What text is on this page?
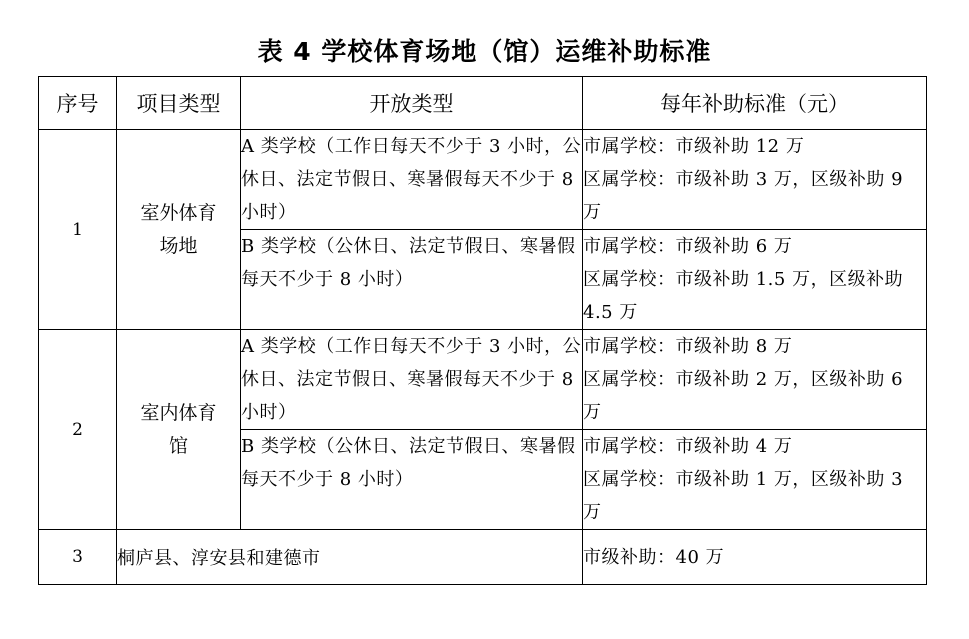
表 4 学校体育场地（馆）运维补助标准
序号	项目类型	开放类型	每年补助标准（元）
1	室外体育场地	A 类学校（工作日每天不少于 3 小时，公休日、法定节假日、寒暑假每天不少于 8 小时）	市属学校：市级补助 12 万
区属学校：市级补助 3 万，区级补助 9 万

		B 类学校（公休日、法定节假日、寒暑假每天不少于 8 小时）	市属学校：市级补助 6 万
区属学校：市级补助 1.5 万，区级补助 4.5 万

2	室内体育馆	A 类学校（工作日每天不少于 3 小时，公休日、法定节假日、寒暑假每天不少于 8 小时）	市属学校：市级补助 8 万
区属学校：市级补助 2 万，区级补助 6 万

		B 类学校（公休日、法定节假日、寒暑假每天不少于 8 小时）	市属学校：市级补助 4 万
区属学校：市级补助 1 万，区级补助 3 万

3	桐庐县、淳安县和建德市		市级补助：40 万
